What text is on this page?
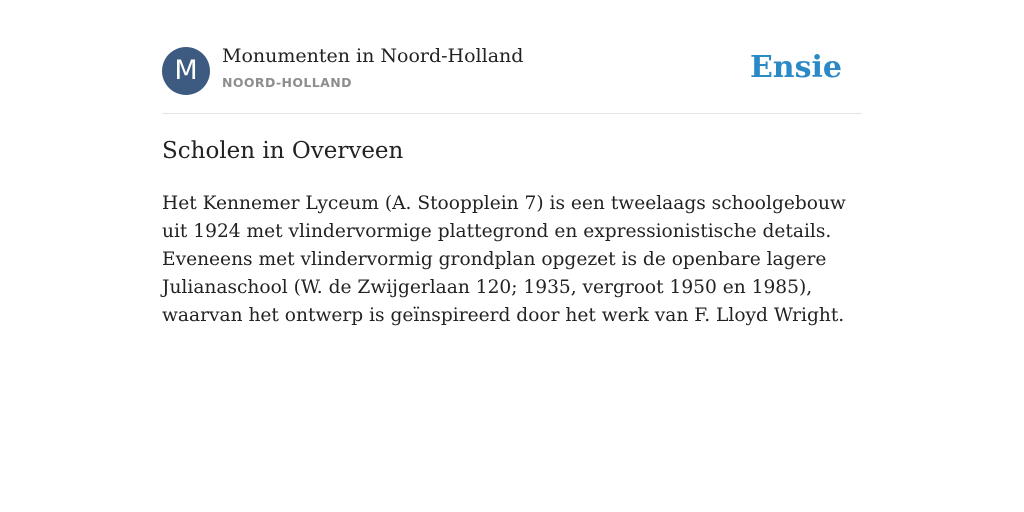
M	Monumenten in Noord-Holland
NOORD-HOLLAND	Ensie
Scholen in Overveen

Het Kennemer Lyceum (A. Stoopplein 7) is een tweelaags schoolgebouw uit 1924 met vlindervormige plattegrond en expressionistische details. Eveneens met vlindervormig grondplan opgezet is de openbare lagere Julianaschool (W. de Zwijgerlaan 120; 1935, vergroot 1950 en 1985), waarvan het ontwerp is geïnspireerd door het werk van F. Lloyd Wright.
